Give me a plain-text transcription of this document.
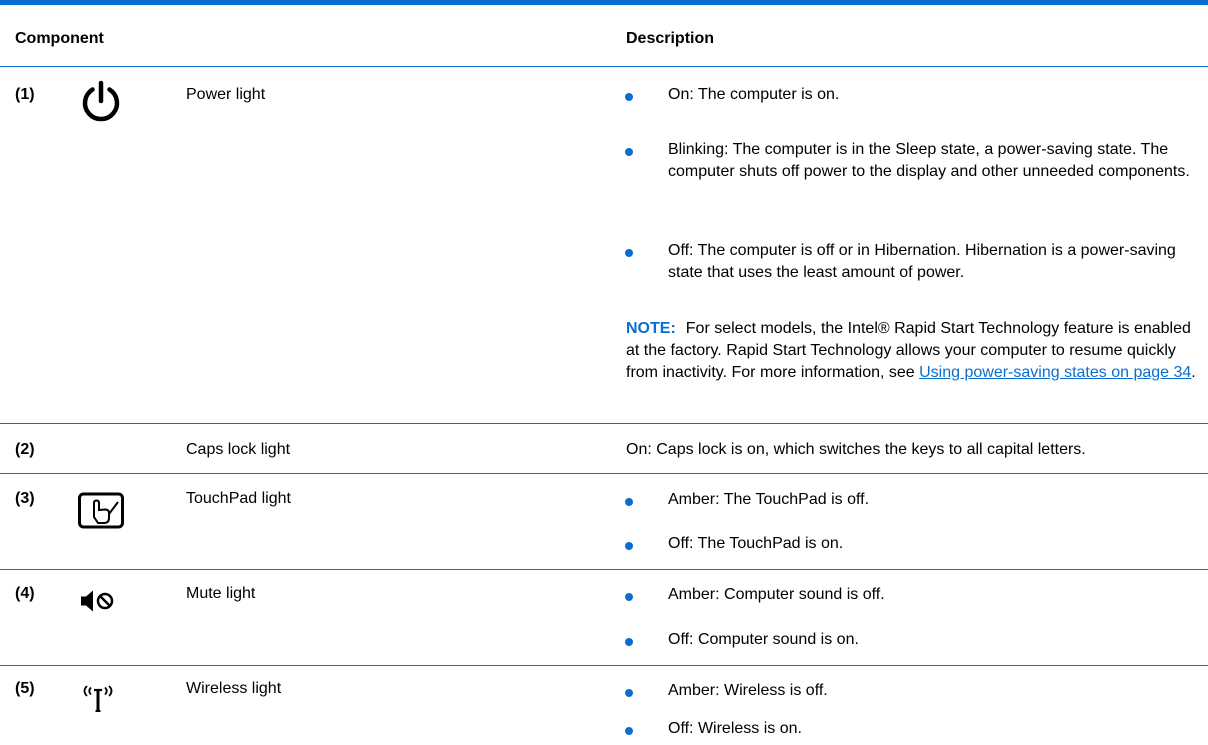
Component	Description
(1)	Power light	On: The computer is on.
Blinking: The computer is in the Sleep state, a power-saving state. The computer shuts off power to the display and other unneeded components.
Off: The computer is off or in Hibernation. Hibernation is a power-saving state that uses the least amount of power.
NOTE: For select models, the Intel® Rapid Start Technology feature is enabled at the factory. Rapid Start Technology allows your computer to resume quickly from inactivity. For more information, see Using power-saving states on page 34.
(2)	Caps lock light	On: Caps lock is on, which switches the keys to all capital letters.
(3)	TouchPad light	Amber: The TouchPad is off.
Off: The TouchPad is on.
(4)	Mute light	Amber: Computer sound is off.
Off: Computer sound is on.
(5)	Wireless light	Amber: Wireless is off.
Off: Wireless is on.
